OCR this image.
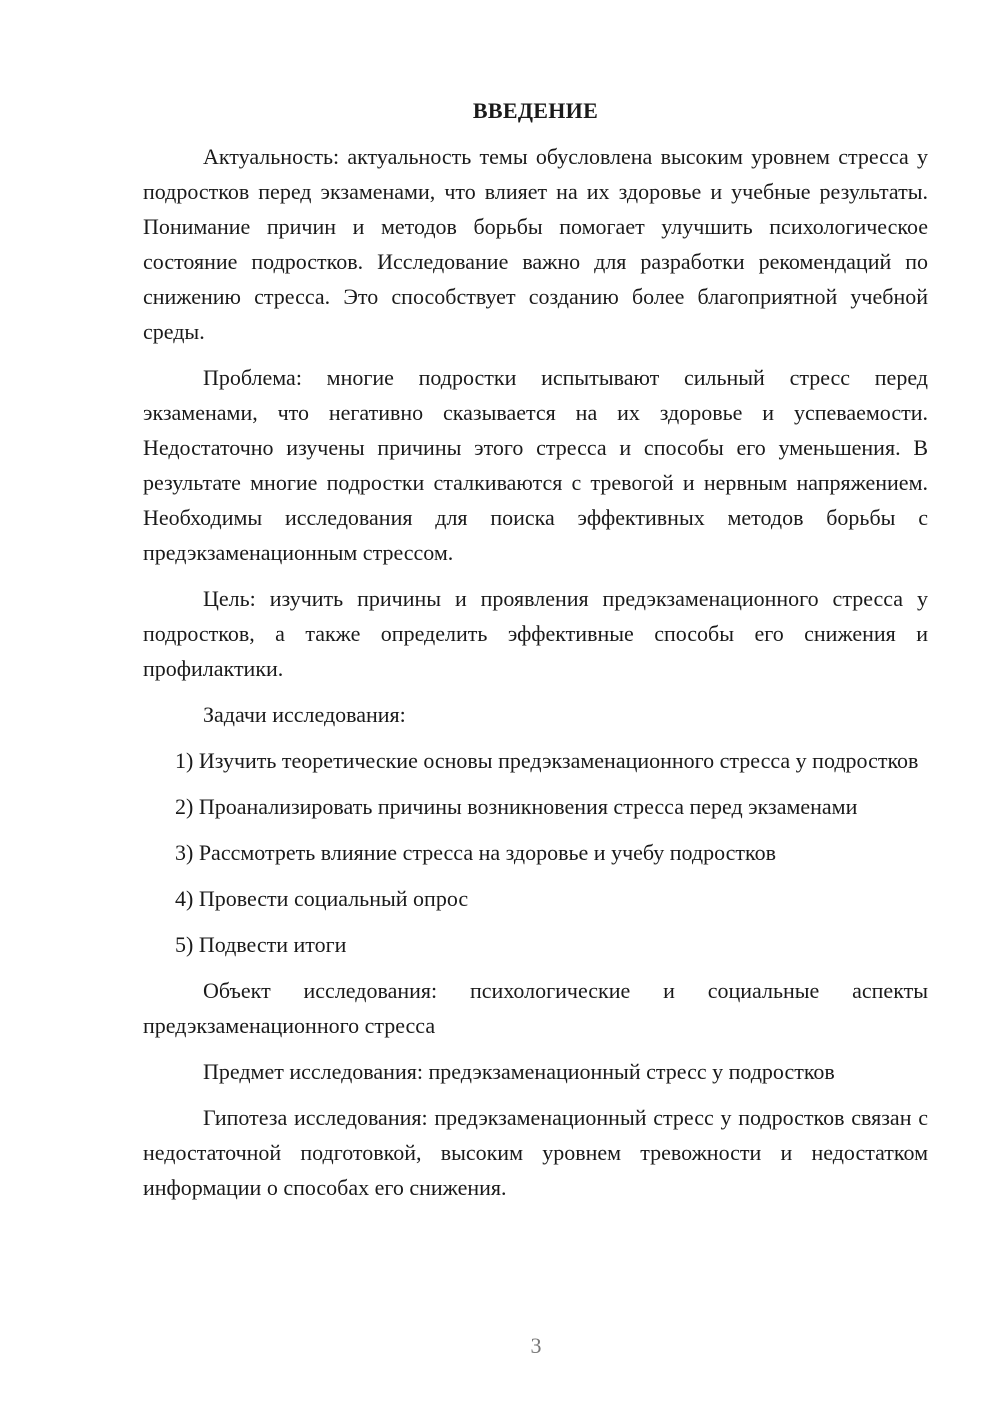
ВВЕДЕНИЕ

Актуальность: актуальность темы обусловлена высоким уровнем стресса у подростков перед экзаменами, что влияет на их здоровье и учебные результаты. Понимание причин и методов борьбы помогает улучшить психологическое состояние подростков. Исследование важно для разработки рекомендаций по снижению стресса. Это способствует созданию более благоприятной учебной среды.

Проблема: многие подростки испытывают сильный стресс перед экзаменами, что негативно сказывается на их здоровье и успеваемости. Недостаточно изучены причины этого стресса и способы его уменьшения. В результате многие подростки сталкиваются с тревогой и нервным напряжением. Необходимы исследования для поиска эффективных методов борьбы с предэкзаменационным стрессом.

Цель: изучить причины и проявления предэкзаменационного стресса у подростков, а также определить эффективные способы его снижения и профилактики.

Задачи исследования:

1) Изучить теоретические основы предэкзаменационного стресса у подростков

2) Проанализировать причины возникновения стресса перед экзаменами

3) Рассмотреть влияние стресса на здоровье и учебу подростков

4) Провести социальный опрос

5) Подвести итоги

Объект исследования: психологические и социальные аспекты предэкзаменационного стресса

Предмет исследования: предэкзаменационный стресс у подростков

Гипотеза исследования: предэкзаменационный стресс у подростков связан с недостаточной подготовкой, высоким уровнем тревожности и недостатком информации о способах его снижения.

3
